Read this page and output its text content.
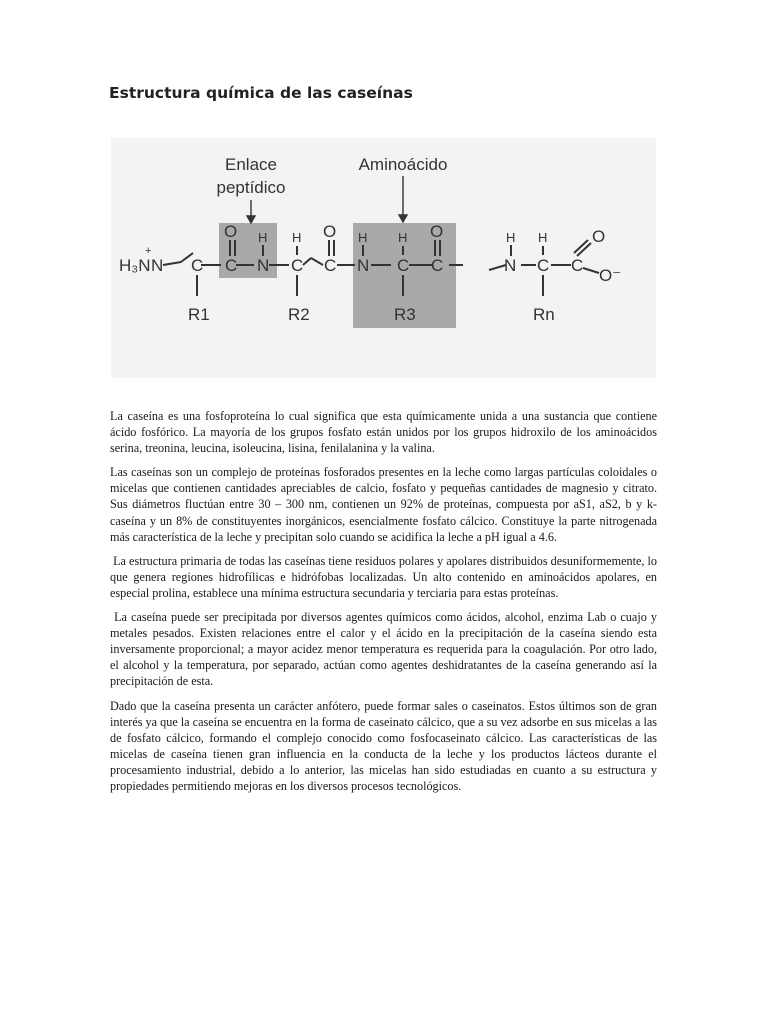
Estructura química de las caseínas
Enlace
peptídico
Aminoácido
H₃N
+
N C C
O
N
H
C
H
C
O
N
H
C
H
C
O
N
H
C
H
C
O
O⁻
R1	R2	R3	Rn

La caseína es una fosfoproteína lo cual significa que esta químicamente unida a una sustancia que contiene ácido fosfórico. La mayoría de los grupos fosfato están unidos por los grupos hidroxilo de los aminoácidos serina, treonina, leucina, isoleucina, lisina, fenilalanina y la valina.

Las caseínas son un complejo de proteínas fosforados presentes en la leche como largas partículas coloidales o micelas que contienen cantidades apreciables de calcio, fosfato y pequeñas cantidades de magnesio y citrato. Sus diámetros fluctúan entre 30 – 300 nm, contienen un 92% de proteínas, compuesta por aS1, aS2, b y k- caseína y un 8% de constituyentes inorgánicos, esencialmente fosfato cálcico. Constituye la parte nitrogenada más característica de la leche y precipitan solo cuando se acidifica la leche a pH igual a 4.6.

La estructura primaria de todas las caseínas tiene residuos polares y apolares distribuidos desuniformemente, lo que genera regiones hidrofílicas e hidrófobas localizadas. Un alto contenido en aminoácidos apolares, en especial prolina, establece una mínima estructura secundaria y terciaria para estas proteínas.

La caseína puede ser precipitada por diversos agentes químicos como ácidos, alcohol, enzima Lab o cuajo y metales pesados. Existen relaciones entre el calor y el ácido en la precipitación de la caseína siendo esta inversamente proporcional; a mayor acidez menor temperatura es requerida para la coagulación. Por otro lado, el alcohol y la temperatura, por separado, actúan como agentes deshidratantes de la caseína generando así la precipitación de esta.

Dado que la caseína presenta un carácter anfótero, puede formar sales o caseinatos. Estos últimos son de gran interés ya que la caseína se encuentra en la forma de caseinato cálcico, que a su vez adsorbe en sus micelas a las de fosfato cálcico, formando el complejo conocido como fosfocaseinato cálcico. Las características de las micelas de caseína tienen gran influencia en la conducta de la leche y los productos lácteos durante el procesamiento industrial, debido a lo anterior, las micelas han sido estudiadas en cuanto a su estructura y propiedades permitiendo mejoras en los diversos procesos tecnológicos.
